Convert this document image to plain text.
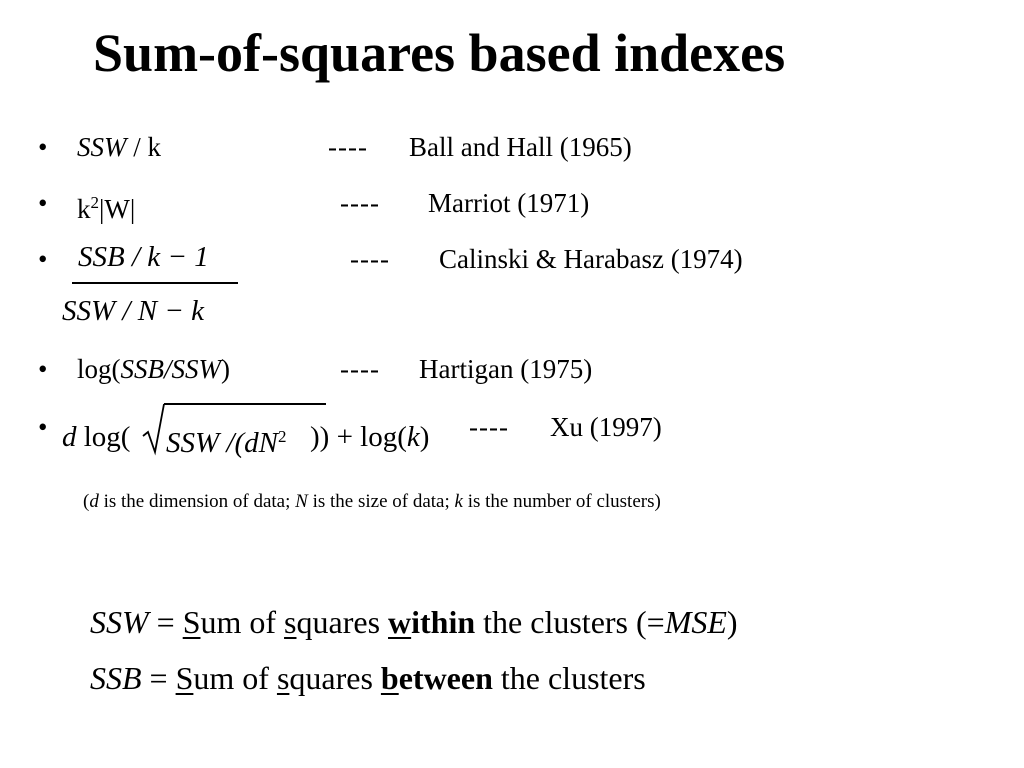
Sum-of-squares based indexes
• SSW / k	---- Ball and Hall (1965)
• $k^2|W|$	---- Marriot (1971)
• SSB / k − 1
SSW / N − k
---- Calinski & Harabasz (1974)
• log(SSB/SSW)	---- Hartigan (1975)
• d log( SSW $/(dN^2$ )) + log(k) ---- Xu (1997)
(d is the dimension of data; N is the size of data; k is the number of clusters)
SSW = Sum of squares within the clusters (=MSE)
SSB = Sum of squares between the clusters
